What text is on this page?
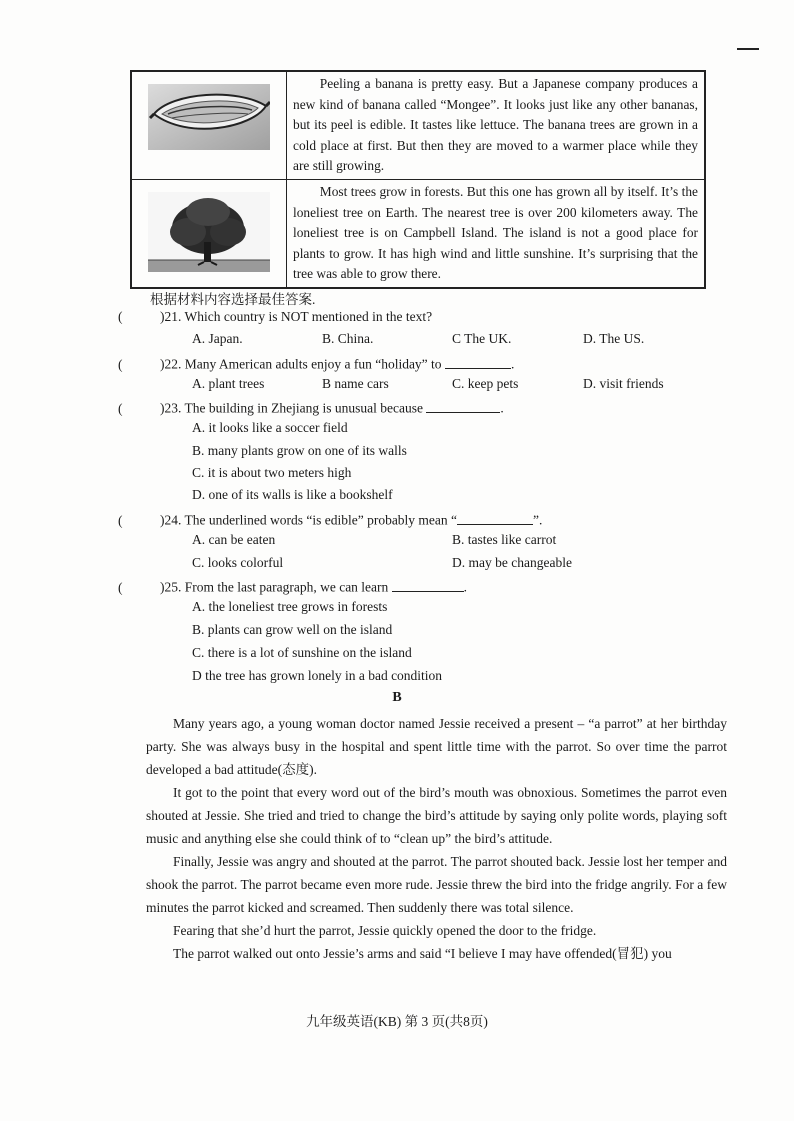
Peeling a banana is pretty easy. But a Japanese company produces a new kind of banana called “Mongee”. It looks just like any other bananas, but its peel is edible. It tastes like lettuce. The banana trees are grown in a cold place at first. But then they are moved to a warmer place while they are still growing.

Most trees grow in forests. But this one has grown all by itself. It’s the loneliest tree on Earth. The nearest tree is over 200 kilometers away. The loneliest tree is on Campbell Island. The island is not a good place for plants to grow. It has high wind and little sunshine. It’s surprising that the tree was able to grow there.

根据材料内容选择最佳答案.
(	)21. Which country is NOT mentioned in the text?
A. Japan.	B. China.	C The UK.	D. The US.
(	)22. Many American adults enjoy a fun “holiday” to	.
A. plant trees	B name cars	C. keep pets	D. visit friends
(	)23. The building in Zhejiang is unusual because	.
A. it looks like a soccer field
B. many plants grow on one of its walls
C. it is about two meters high
D. one of its walls is like a bookshelf
(	)24. The underlined words “is edible” probably mean “	”.
A. can be eaten	B. tastes like carrot
C. looks colorful	D. may be changeable
(	)25. From the last paragraph, we can learn	.
A. the loneliest tree grows in forests
B. plants can grow well on the island
C. there is a lot of sunshine on the island
D the tree has grown lonely in a bad condition
B

Many years ago, a young woman doctor named Jessie received a present – “a parrot” at her birthday party. She was always busy in the hospital and spent little time with the parrot. So over time the parrot developed a bad attitude(态度).

It got to the point that every word out of the bird’s mouth was obnoxious. Sometimes the parrot even shouted at Jessie. She tried and tried to change the bird’s attitude by saying only polite words, playing soft music and anything else she could think of to “clean up” the bird’s attitude.

Finally, Jessie was angry and shouted at the parrot. The parrot shouted back. Jessie lost her temper and shook the parrot. The parrot became even more rude. Jessie threw the bird into the fridge angrily. For a few minutes the parrot kicked and screamed. Then suddenly there was total silence.

Fearing that she’d hurt the parrot, Jessie quickly opened the door to the fridge.

The parrot walked out onto Jessie’s arms and said “I believe I may have offended(冒犯) you

九年级英语(KB) 第 3 页(共8页)
